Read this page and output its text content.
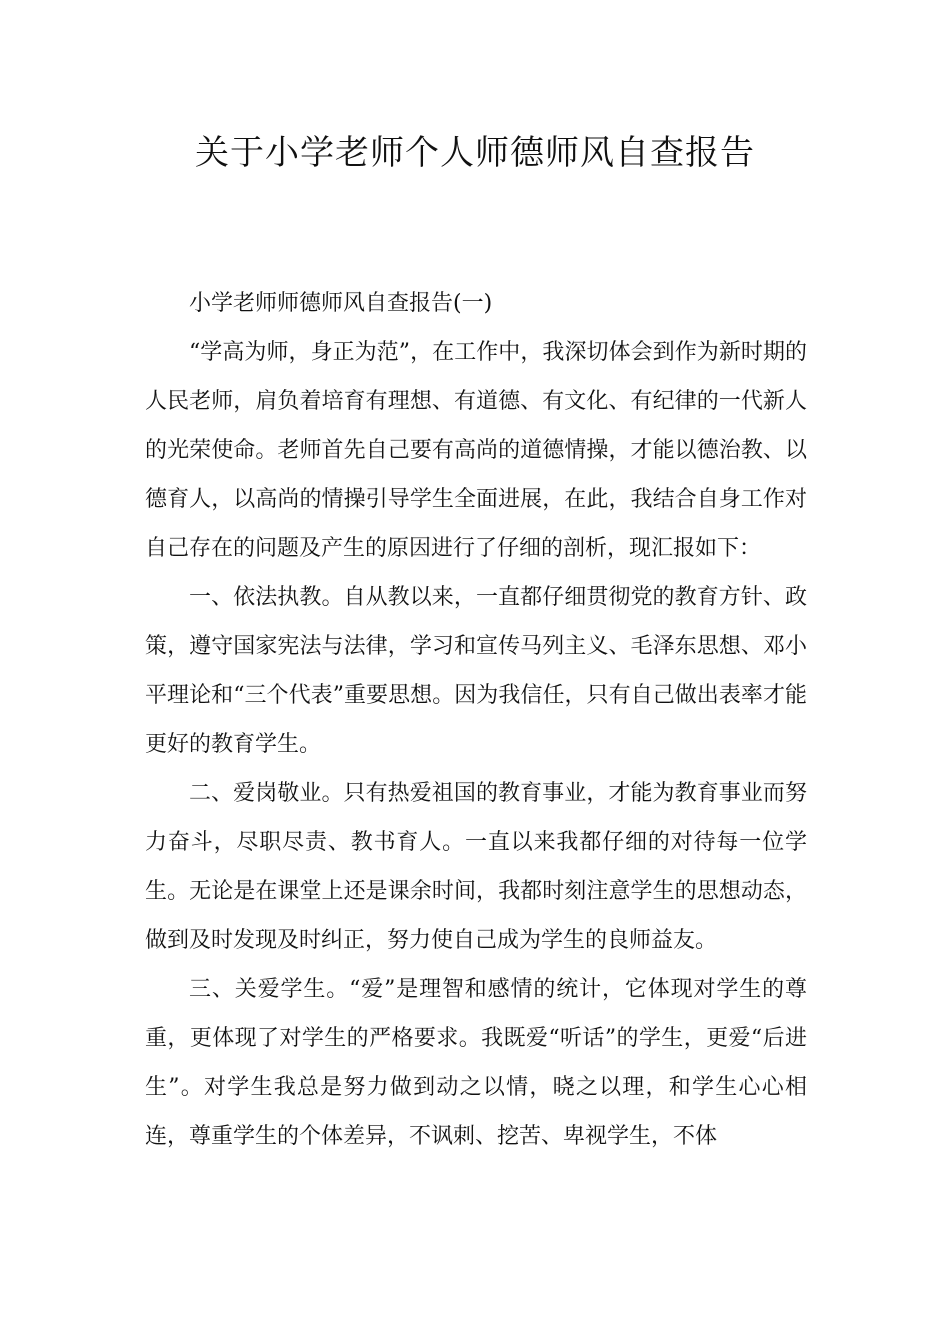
关于小学老师个人师德师风自查报告

小学老师师德师风自查报告(一)

“学高为师，身正为范”，在工作中，我深切体会到作为新时期的人民老师，肩负着培育有理想、有道德、有文化、有纪律的一代新人的光荣使命。老师首先自己要有高尚的道德情操，才能以德治教、以德育人，以高尚的情操引导学生全面进展，在此，我结合自身工作对自己存在的问题及产生的原因进行了仔细的剖析，现汇报如下：

一、依法执教。自从教以来，一直都仔细贯彻党的教育方针、政策，遵守国家宪法与法律，学习和宣传马列主义、毛泽东思想、邓小平理论和“三个代表”重要思想。因为我信任，只有自己做出表率才能更好的教育学生。

二、爱岗敬业。只有热爱祖国的教育事业，才能为教育事业而努力奋斗，尽职尽责、教书育人。一直以来我都仔细的对待每一位学生。无论是在课堂上还是课余时间，我都时刻注意学生的思想动态，做到及时发现及时纠正，努力使自己成为学生的良师益友。

三、关爱学生。“爱”是理智和感情的统计，它体现对学生的尊重，更体现了对学生的严格要求。我既爱“听话”的学生，更爱“后进生”。对学生我总是努力做到动之以情，晓之以理，和学生心心相连，尊重学生的个体差异，不讽刺、挖苦、卑视学生，不体
